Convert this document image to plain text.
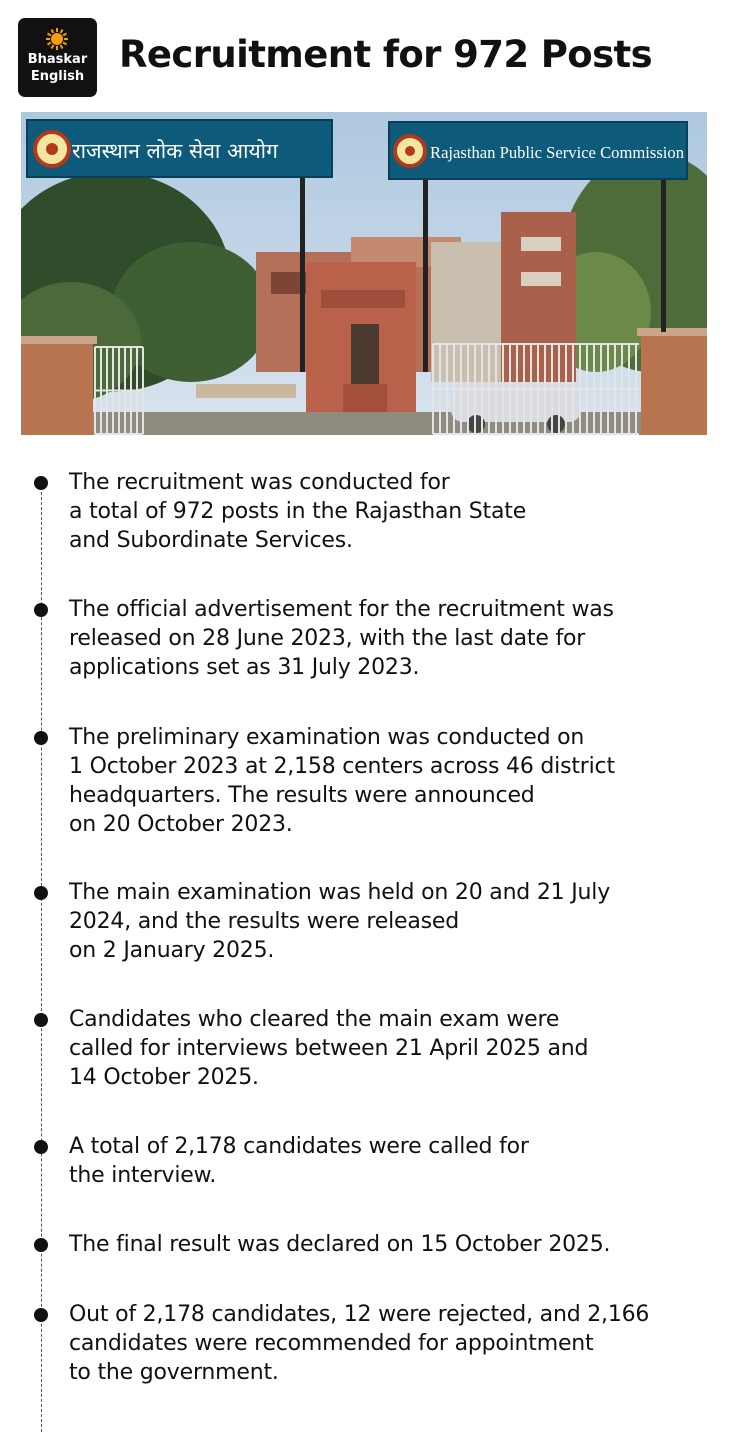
Bhaskar
English
Recruitment for 972 Posts
राजस्थान लोक सेवा आयोग	Rajasthan Public Service Commission

The recruitment was conducted for
a total of 972 posts in the Rajasthan State
and Subordinate Services.

The official advertisement for the recruitment was
released on 28 June 2023, with the last date for
applications set as 31 July 2023.

The preliminary examination was conducted on
1 October 2023 at 2,158 centers across 46 district
headquarters. The results were announced
on 20 October 2023.

The main examination was held on 20 and 21 July
2024, and the results were released
on 2 January 2025.

Candidates who cleared the main exam were
called for interviews between 21 April 2025 and
14 October 2025.

A total of 2,178 candidates were called for
the interview.

The final result was declared on 15 October 2025.

Out of 2,178 candidates, 12 were rejected, and 2,166
candidates were recommended for appointment
to the government.
